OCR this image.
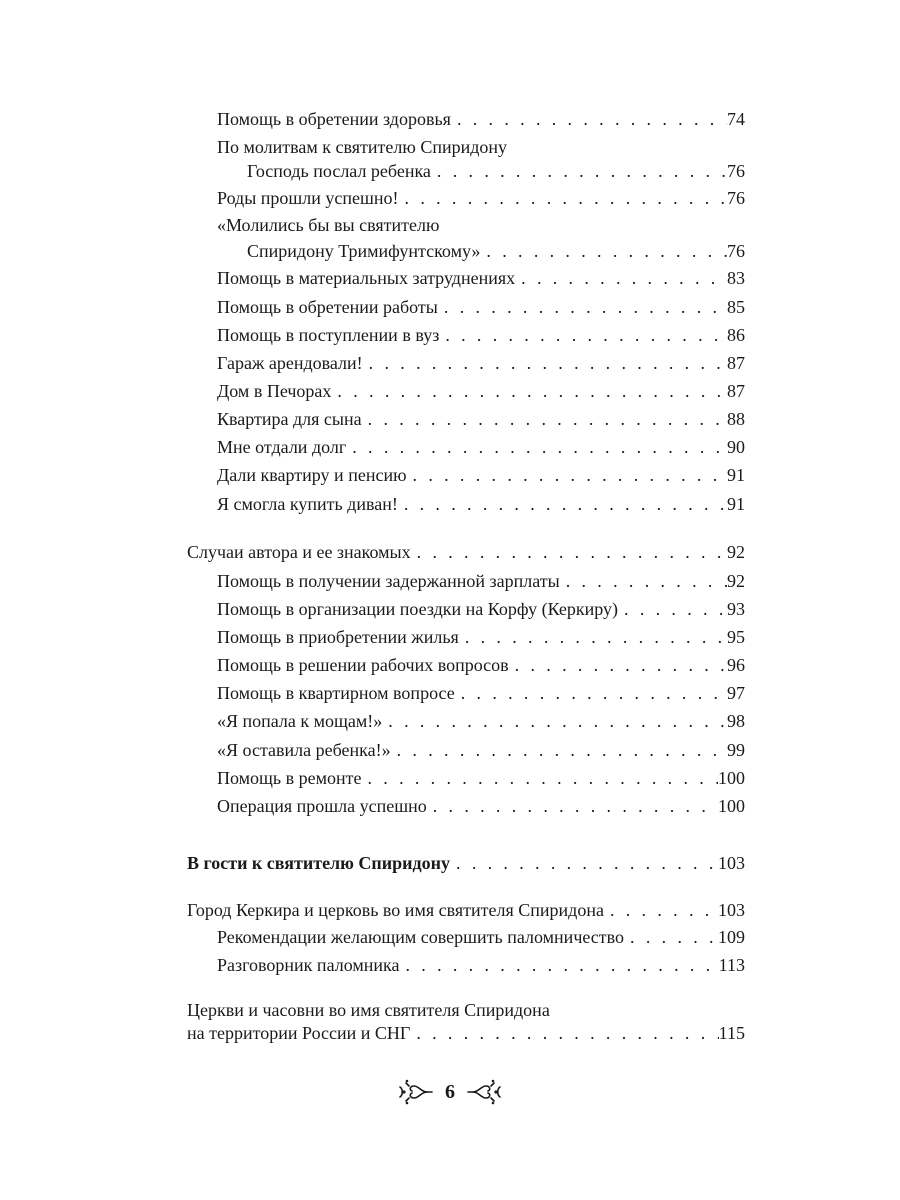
Помощь в обретении здоровья . . .	74
По молитвам к святителю Спиридону
Господь послал ребенка . . .	76
Роды прошли успешно! . . .	76
«Молились бы вы святителю
Спиридону Тримифунтскому» . . .	76
Помощь в материальных затруднениях . . .	83
Помощь в обретении работы . . .	85
Помощь в поступлении в вуз . . .	86
Гараж арендовали! . . .	87
Дом в Печорах . . .	87
Квартира для сына . . .	88
Мне отдали долг . . .	90
Дали квартиру и пенсию . . .	91
Я смогла купить диван! . . .	91
Случаи автора и ее знакомых . . .	92
Помощь в получении задержанной зарплаты . . .	92
Помощь в организации поездки на Корфу (Керкиру) . . .	93
Помощь в приобретении жилья . . .	95
Помощь в решении рабочих вопросов . . .	96
Помощь в квартирном вопросе . . .	97
«Я попала к мощам!» . . .	98
«Я оставила ребенка!» . . .	99
Помощь в ремонте . . .	100
Операция прошла успешно . . .	100
В гости к святителю Спиридону . . .	103
Город Керкира и церковь во имя святителя Спиридона . . .	103
Рекомендации желающим совершить паломничество . . .	109
Разговорник паломника . . .	113
Церкви и часовни во имя святителя Спиридона
на территории России и СНГ . . .	115
6
